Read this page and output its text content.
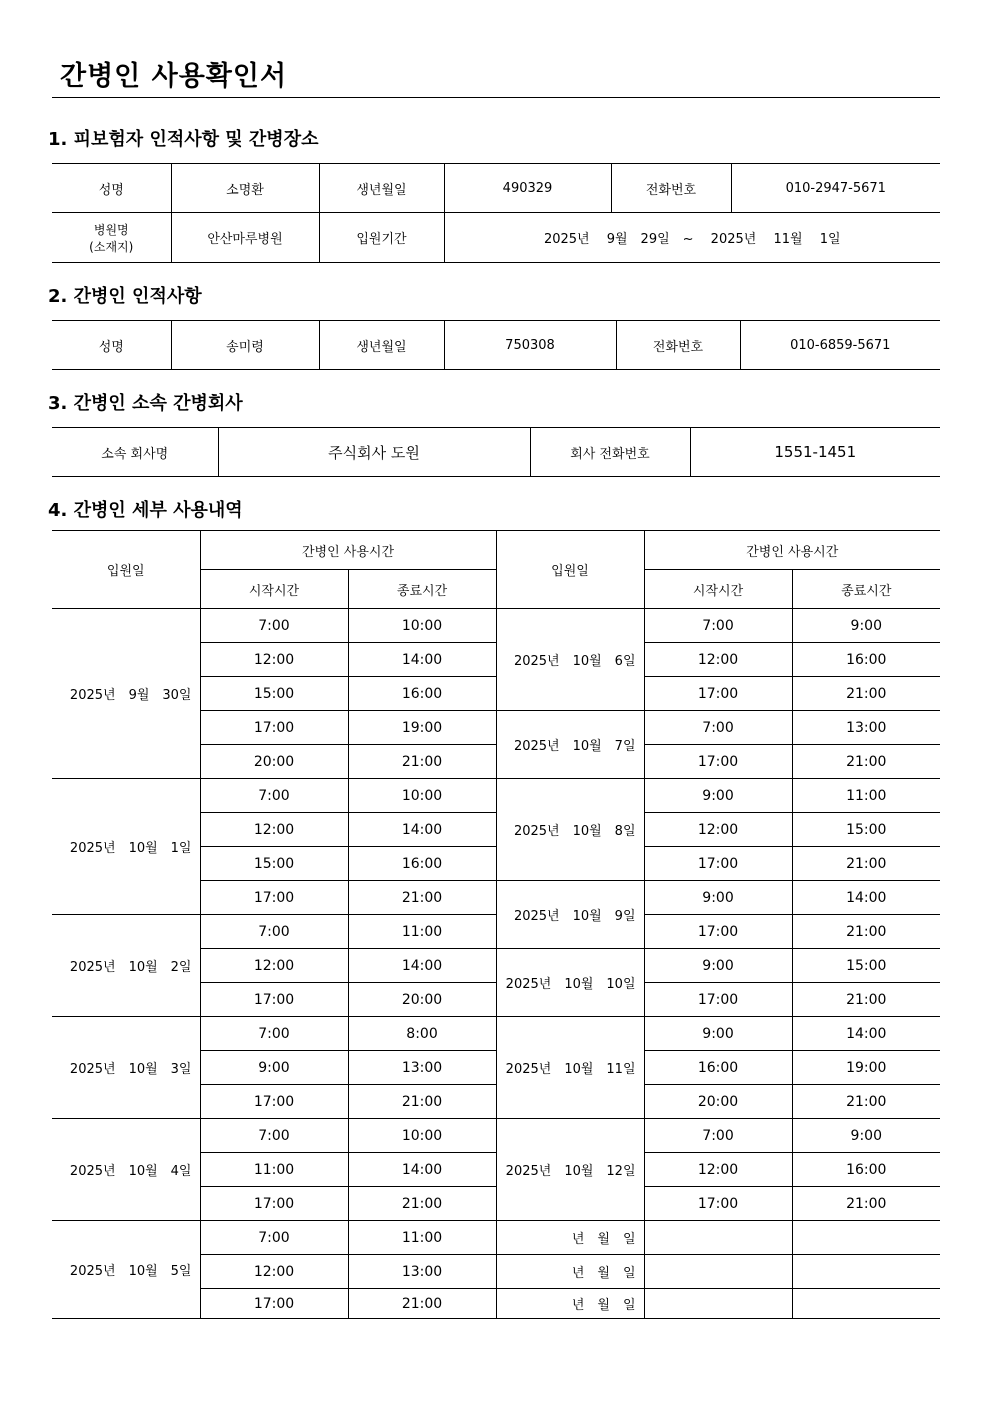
간병인 사용확인서
1. 피보험자 인적사항 및 간병장소
성명	소명환	생년월일	490329	전화번호	010-2947-5671

병원명
(소재지)	안산마루병원	입원기간	2025년　 9월　29일　~　 2025년　 11월　 1일		
2. 간병인 인적사항
성명	송미령	생년월일	750308	전화번호	010-6859-5671
3. 간병인 소속 간병회사
소속 회사명	주식회사 도원	회사 전화번호	1551-1451
4. 간병인 세부 사용내역
입원일	간병인 사용시간		입원일	간병인 사용시간	
	시작시간	종료시간		시작시간	종료시간
2025년　9월　30일	7:00	10:00	2025년　10월　6일	7:00	9:00
	12:00	14:00		12:00	16:00
	15:00	16:00		17:00	21:00
	17:00	19:00	2025년　10월　7일	7:00	13:00
	20:00	21:00		17:00	21:00
2025년　10월　1일	7:00	10:00	2025년　10월　8일	9:00	11:00
	12:00	14:00		12:00	15:00
	15:00	16:00		17:00	21:00
	17:00	21:00	2025년　10월　9일	9:00	14:00
2025년　10월　2일	7:00	11:00		17:00	21:00
	12:00	14:00	2025년　10월　10일	9:00	15:00
	17:00	20:00		17:00	21:00
2025년　10월　3일	7:00	8:00	2025년　10월　11일	9:00	14:00
	9:00	13:00		16:00	19:00
	17:00	21:00		20:00	21:00
2025년　10월　4일	7:00	10:00	2025년　10월　12일	7:00	9:00
	11:00	14:00		12:00	16:00
	17:00	21:00		17:00	21:00
2025년　10월　5일	7:00	11:00	년　월　일		
	12:00	13:00	년　월　일		
	17:00	21:00	년　월　일		
